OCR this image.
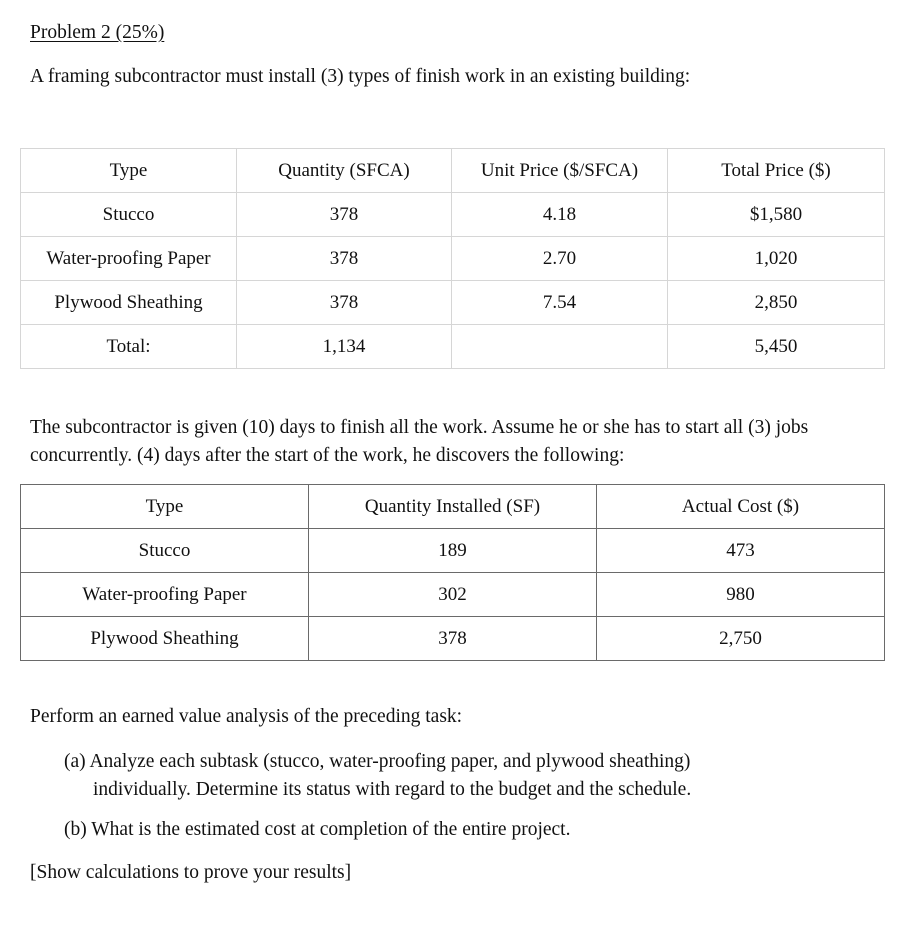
Problem 2 (25%)

A framing subcontractor must install (3) types of finish work in an existing building:

Type	Quantity (SFCA)	Unit Price ($/SFCA)	Total Price ($)
Stucco	378	4.18	$1,580
Water-proofing Paper	378	2.70	1,020
Plywood Sheathing	378	7.54	2,850
Total:	1,134		5,450

The subcontractor is given (10) days to finish all the work. Assume he or she has to start all (3) jobs concurrently. (4) days after the start of the work, he discovers the following:

Type	Quantity Installed (SF)	Actual Cost ($)
Stucco	189	473
Water-proofing Paper	302	980
Plywood Sheathing	378	2,750

Perform an earned value analysis of the preceding task:

(a) Analyze each subtask (stucco, water-proofing paper, and plywood sheathing)
individually. Determine its status with regard to the budget and the schedule.

(b) What is the estimated cost at completion of the entire project.

[Show calculations to prove your results]
